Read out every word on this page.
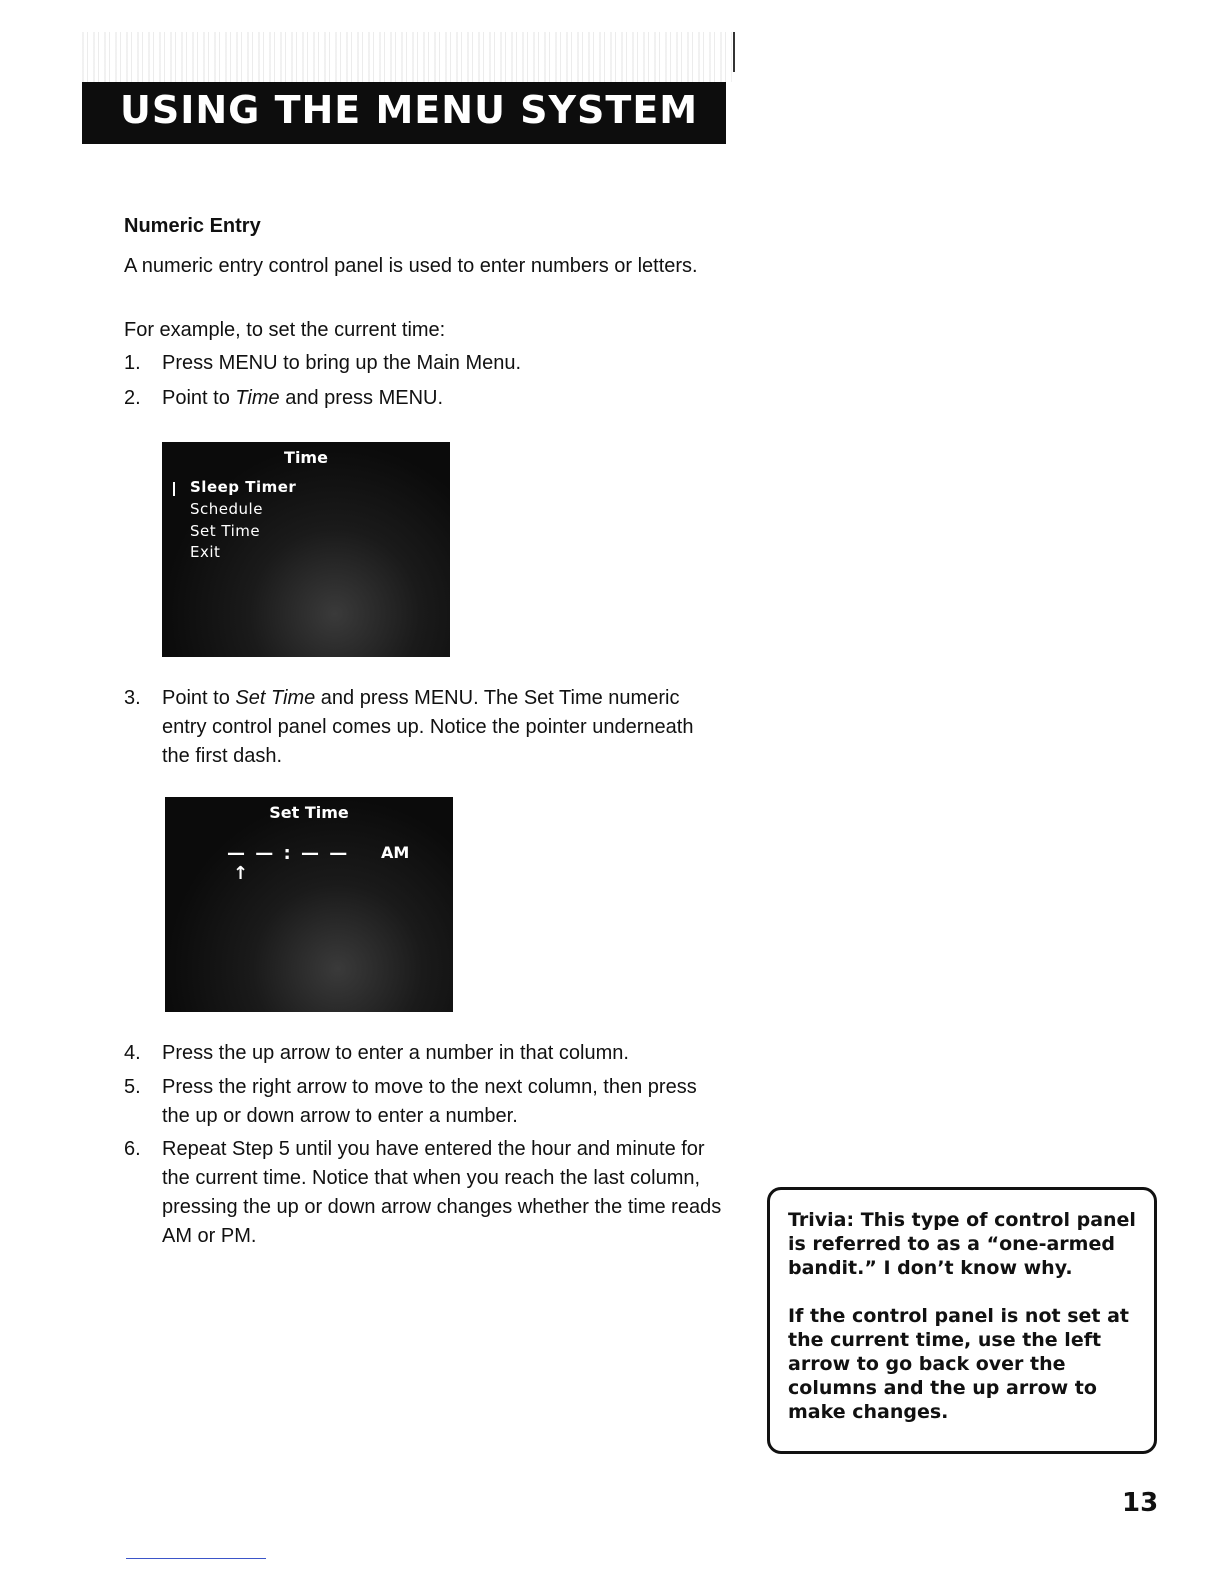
USING THE MENU SYSTEM
Numeric Entry
A numeric entry control panel is used to enter numbers or letters.
For example, to set the current time:
1.	Press MENU to bring up the Main Menu.
2.	Point to Time and press MENU.
Time
Sleep Timer
Schedule
Set Time
Exit
3.	Point to Set Time and press MENU. The Set Time numeric entry control panel comes up. Notice the pointer underneath the first dash.
Set Time
— — : — — AM
↑
4.	Press the up arrow to enter a number in that column.
5.	Press the right arrow to move to the next column, then press the up or down arrow to enter a number.
6.	Repeat Step 5 until you have entered the hour and minute for the current time. Notice that when you reach the last column, pressing the up or down arrow changes whether the time reads AM or PM.

Trivia: This type of control panel is referred to as a “one-armed bandit.” I don’t know why.

If the control panel is not set at the current time, use the left arrow to go back over the columns and the up arrow to make changes.

13
